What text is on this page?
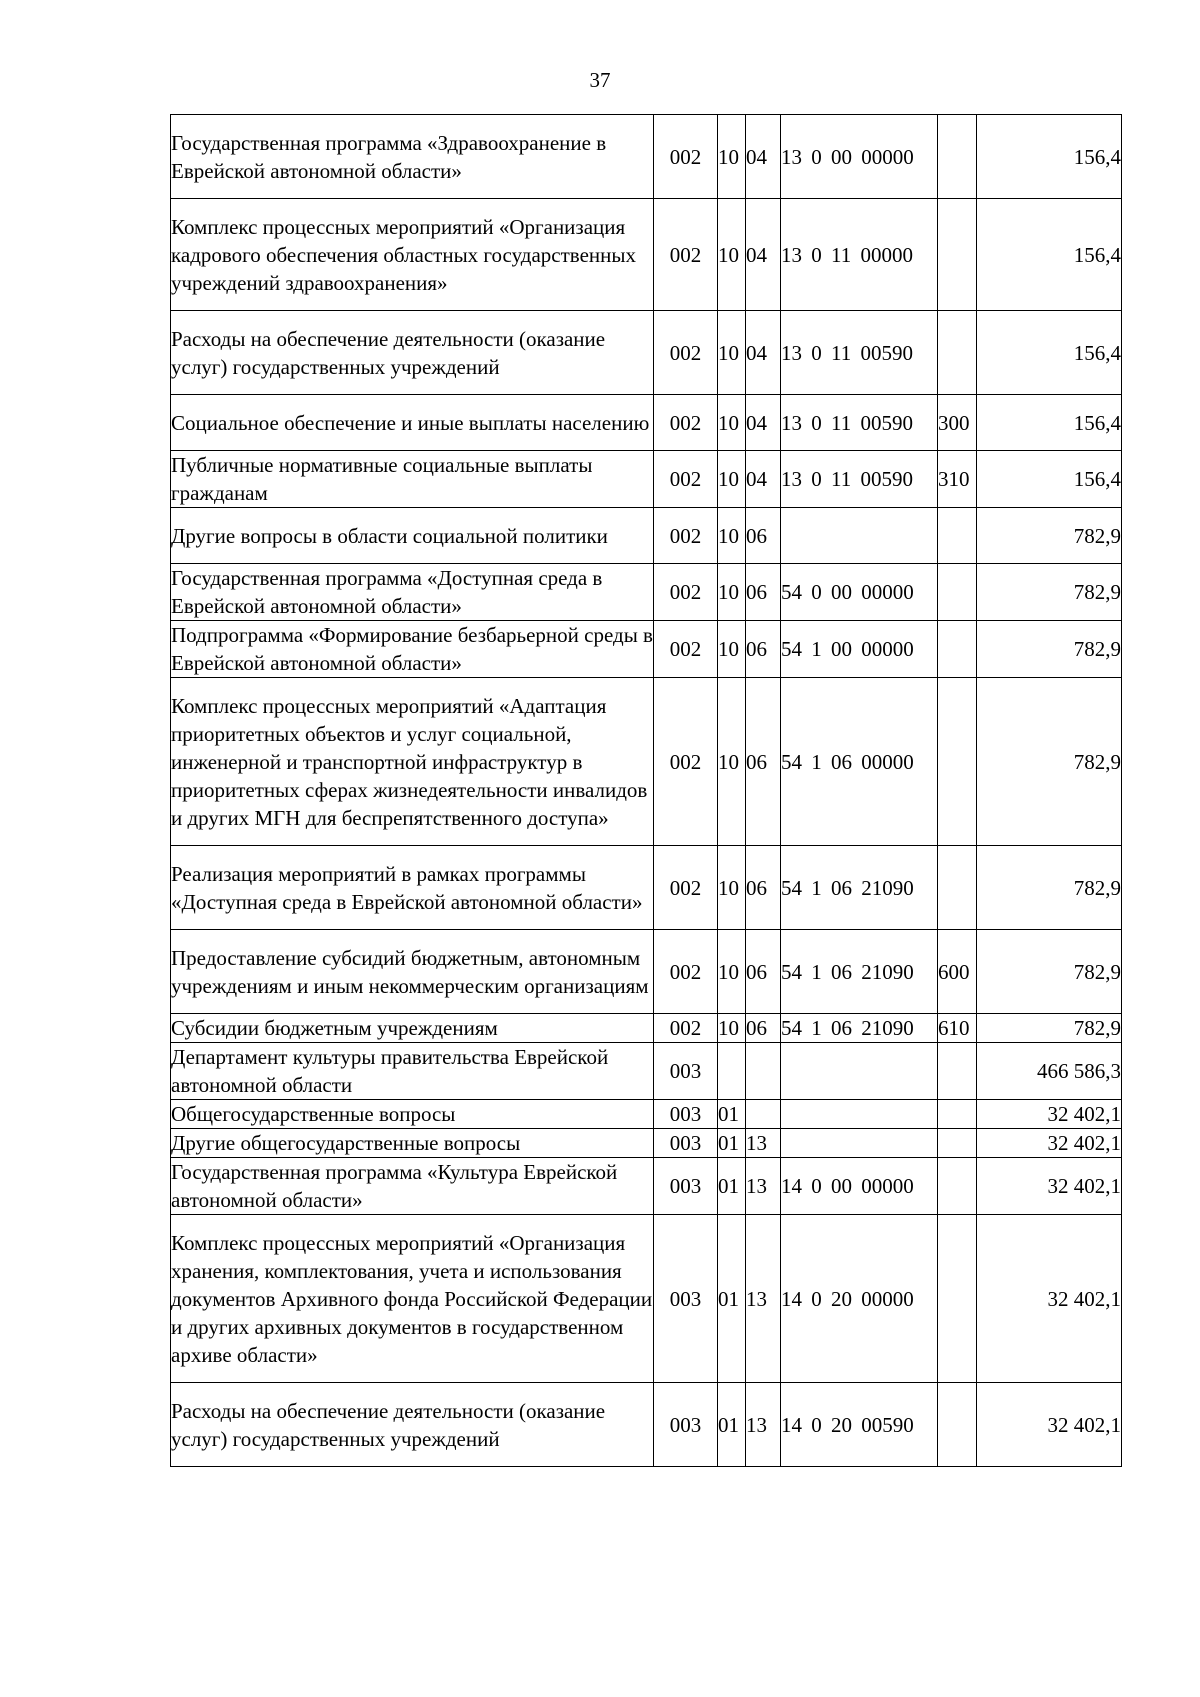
37
Государственная программа «Здравоохранение в Еврейской автономной области»	002	10	04	13 0 00 00000		156,4
Комплекс процессных мероприятий «Организация кадрового обеспечения областных государственных учреждений здравоохранения»	002	10	04	13 0 11 00000		156,4
Расходы на обеспечение деятельности (оказание услуг) государственных учреждений	002	10	04	13 0 11 00590		156,4
Социальное обеспечение и иные выплаты населению	002	10	04	13 0 11 00590	300	156,4
Публичные нормативные социальные выплаты гражданам	002	10	04	13 0 11 00590	310	156,4
Другие вопросы в области социальной политики	002	10	06			782,9
Государственная программа «Доступная среда в Еврейской автономной области»	002	10	06	54 0 00 00000		782,9
Подпрограмма «Формирование безбарьерной среды в Еврейской автономной области»	002	10	06	54 1 00 00000		782,9
Комплекс процессных мероприятий «Адаптация приоритетных объектов и услуг социальной, инженерной и транспортной инфраструктур в приоритетных сферах жизнедеятельности инвалидов и других МГН для беспрепятственного доступа»	002	10	06	54 1 06 00000		782,9
Реализация мероприятий в рамках программы «Доступная среда в Еврейской автономной области»	002	10	06	54 1 06 21090		782,9
Предоставление субсидий бюджетным, автономным учреждениям и иным некоммерческим организациям	002	10	06	54 1 06 21090	600	782,9
Субсидии бюджетным учреждениям	002	10	06	54 1 06 21090	610	782,9
Департамент культуры правительства Еврейской автономной области	003					466 586,3
Общегосударственные вопросы	003	01				32 402,1
Другие общегосударственные вопросы	003	01	13			32 402,1
Государственная программа «Культура Еврейской автономной области»	003	01	13	14 0 00 00000		32 402,1
Комплекс процессных мероприятий «Организация хранения, комплектования, учета и использования документов Архивного фонда Российской Федерации и других архивных документов в государственном архиве области»	003	01	13	14 0 20 00000		32 402,1
Расходы на обеспечение деятельности (оказание услуг) государственных учреждений	003	01	13	14 0 20 00590		32 402,1
